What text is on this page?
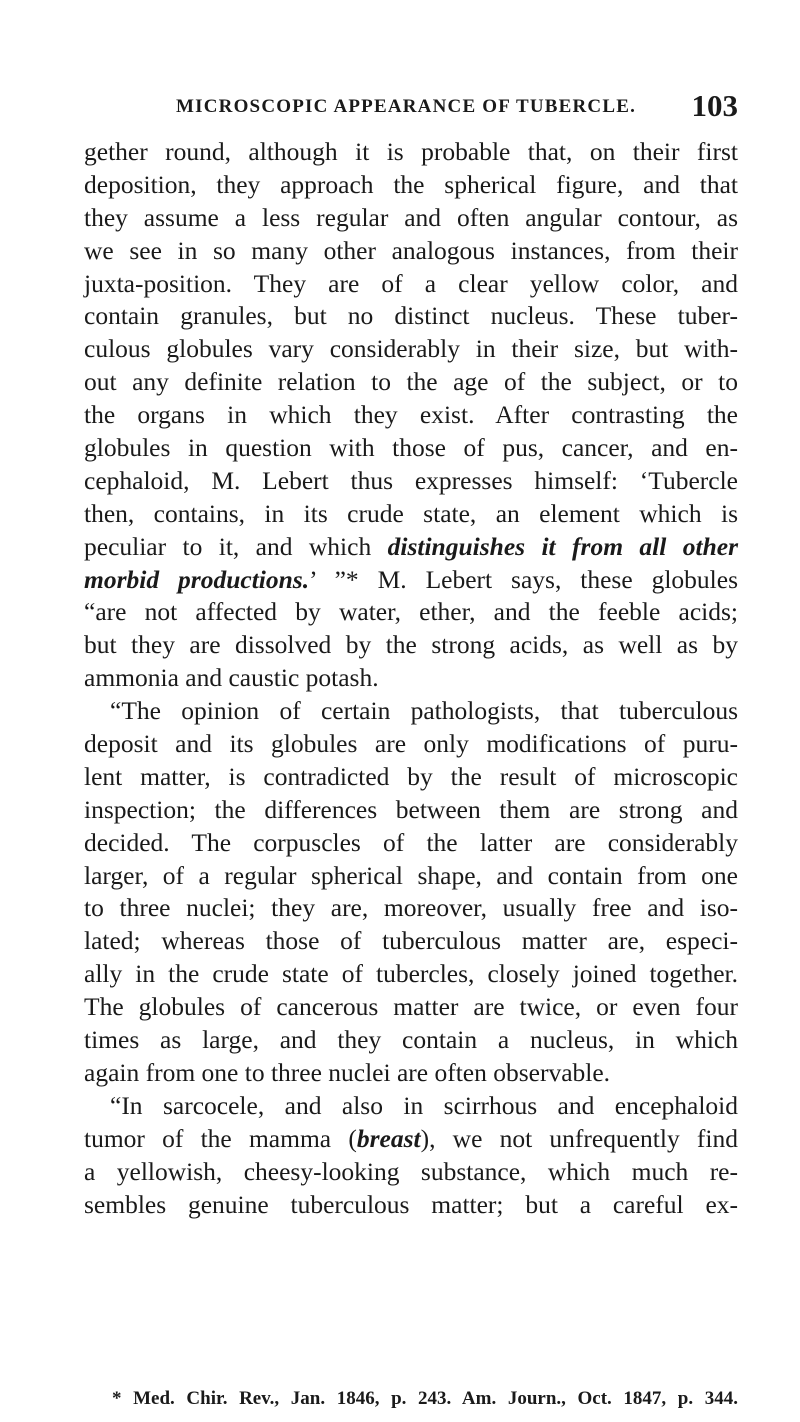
MICROSCOPIC APPEARANCE OF TUBERCLE. 103
gether round, although it is probable that, on their first
deposition, they approach the spherical figure, and that
they assume a less regular and often angular contour, as
we see in so many other analogous instances, from their
juxta-position. They are of a clear yellow color, and
contain granules, but no distinct nucleus. These tuber-
culous globules vary considerably in their size, but with-
out any definite relation to the age of the subject, or to
the organs in which they exist. After contrasting the
globules in question with those of pus, cancer, and en-
cephaloid, M. Lebert thus expresses himself: ‘Tubercle
then, contains, in its crude state, an element which is
peculiar to it, and which distinguishes it from all other
morbid productions.’ ”* M. Lebert says, these globules
“are not affected by water, ether, and the feeble acids;
but they are dissolved by the strong acids, as well as by
ammonia and caustic potash.
“The opinion of certain pathologists, that tuberculous
deposit and its globules are only modifications of puru-
lent matter, is contradicted by the result of microscopic
inspection; the differences between them are strong and
decided. The corpuscles of the latter are considerably
larger, of a regular spherical shape, and contain from one
to three nuclei; they are, moreover, usually free and iso-
lated; whereas those of tuberculous matter are, especi-
ally in the crude state of tubercles, closely joined together.
The globules of cancerous matter are twice, or even four
times as large, and they contain a nucleus, in which
again from one to three nuclei are often observable.
“In sarcocele, and also in scirrhous and encephaloid
tumor of the mamma (breast), we not unfrequently find
a yellowish, cheesy-looking substance, which much re-
sembles genuine tuberculous matter; but a careful ex-
* Med. Chir. Rev., Jan. 1846, p. 243. Am. Journ., Oct. 1847, p. 344.
